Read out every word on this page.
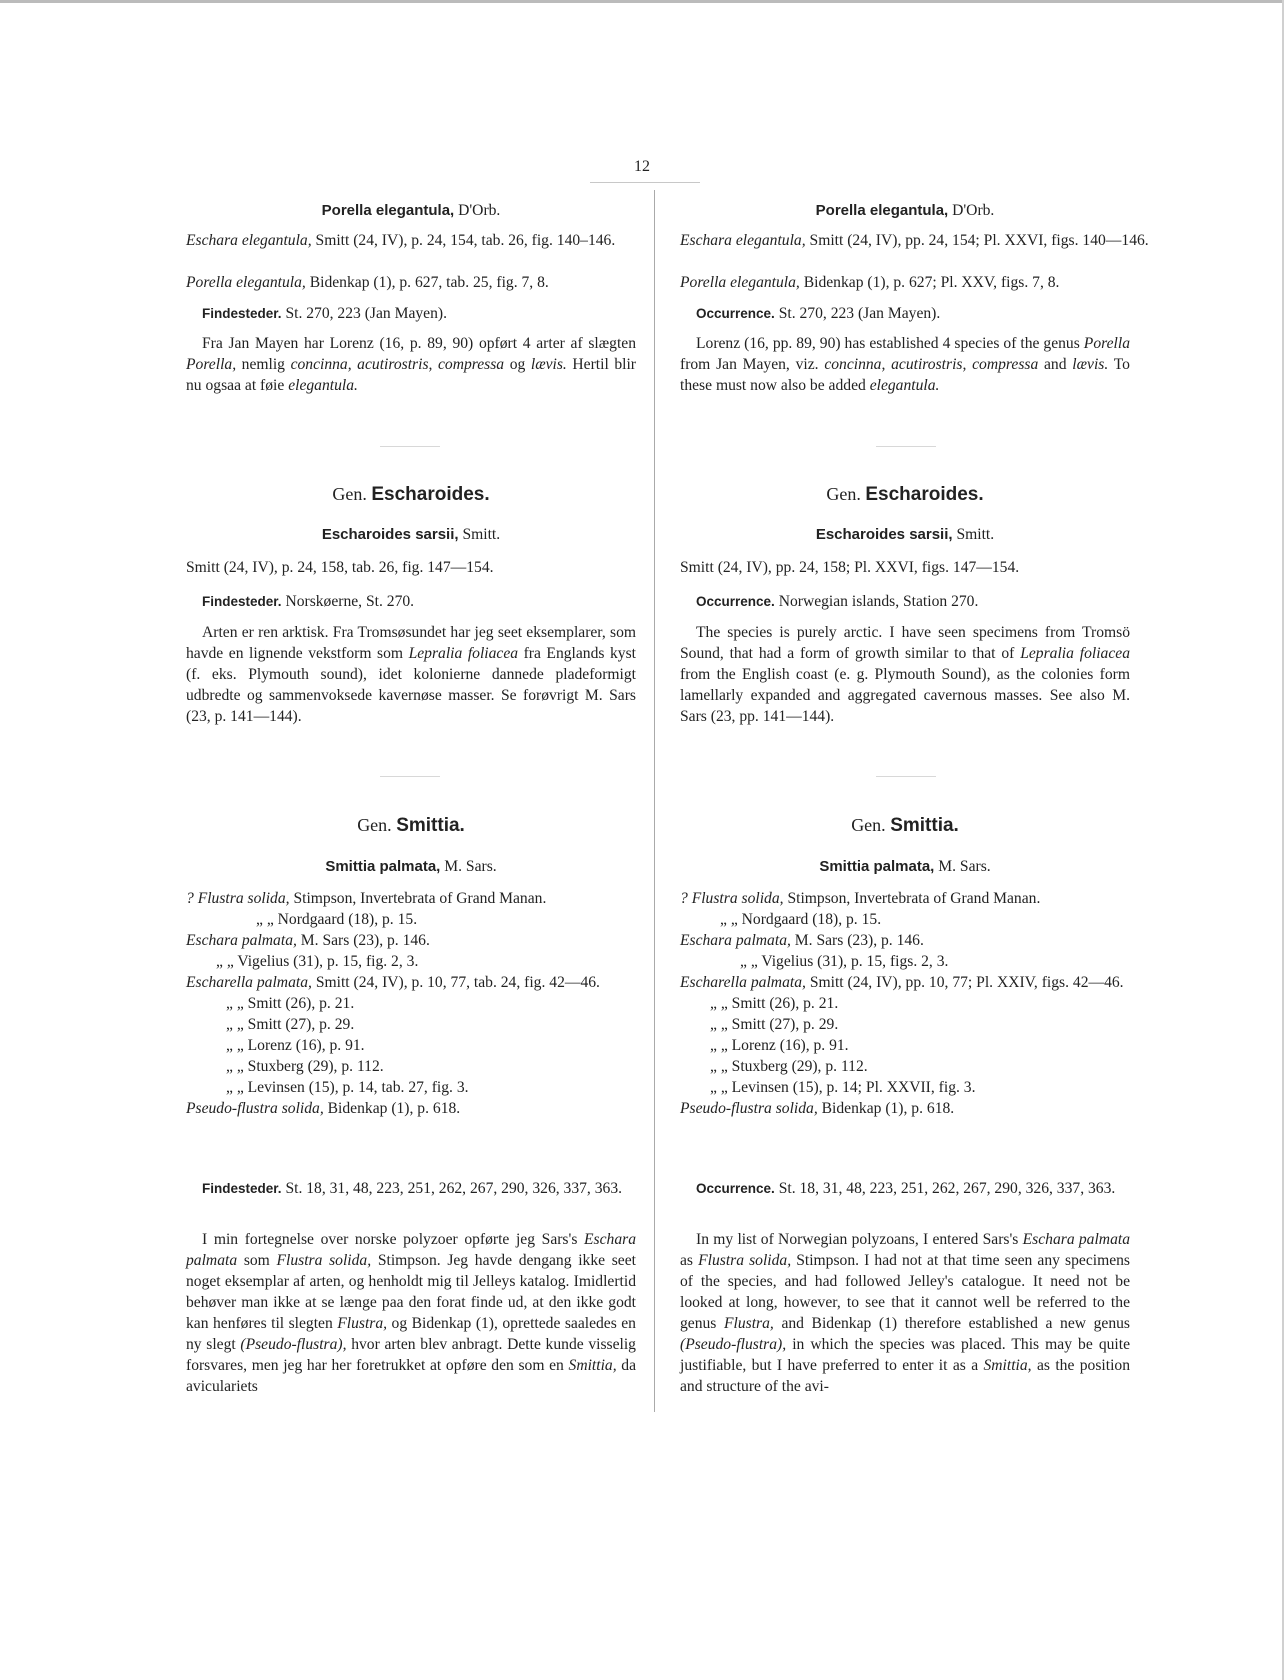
12
Porella elegantula, D'Orb.
Eschara elegantula, Smitt (24, IV), p. 24, 154, tab. 26, fig. 140–146.
Porella elegantula, Bidenkap (1), p. 627, tab. 25, fig. 7, 8.
Findesteder. St. 270, 223 (Jan Mayen).
Fra Jan Mayen har Lorenz (16, p. 89, 90) opført 4 arter af slægten Porella, nemlig concinna, acutirostris, compressa og lævis. Hertil blir nu ogsaa at føie elegantula.
Gen. Escharoides.
Escharoides sarsii, Smitt.
Smitt (24, IV), p. 24, 158, tab. 26, fig. 147—154.
Findesteder. Norskøerne, St. 270.
Arten er ren arktisk. Fra Tromsøsundet har jeg seet eksemplarer, som havde en lignende vekstform som Lepralia foliacea fra Englands kyst (f. eks. Plymouth sound), idet kolonierne dannede pladeformigt udbredte og sammenvoksede kavernøse masser. Se forøvrigt M. Sars (23, p. 141—144).
Gen. Smittia.
Smittia palmata, M. Sars.
? Flustra solida, Stimpson, Invertebrata of Grand Manan.
„ „ Nordgaard (18), p. 15.
Eschara palmata, M. Sars (23), p. 146.
„ „ Vigelius (31), p. 15, fig. 2, 3.
Escharella palmata, Smitt (24, IV), p. 10, 77, tab. 24, fig. 42—46.
„ „ Smitt (26), p. 21.
„ „ Smitt (27), p. 29.
„ „ Lorenz (16), p. 91.
„ „ Stuxberg (29), p. 112.
„ „ Levinsen (15), p. 14, tab. 27, fig. 3.
Pseudo-flustra solida, Bidenkap (1), p. 618.
Findesteder. St. 18, 31, 48, 223, 251, 262, 267, 290, 326, 337, 363.
I min fortegnelse over norske polyzoer opførte jeg Sars's Eschara palmata som Flustra solida, Stimpson. Jeg havde dengang ikke seet noget eksemplar af arten, og henholdt mig til Jelleys katalog. Imidlertid behøver man ikke at se længe paa den forat finde ud, at den ikke godt kan henføres til slegten Flustra, og Bidenkap (1), oprettede saaledes en ny slegt (Pseudo-flustra), hvor arten blev anbragt. Dette kunde visselig forsvares, men jeg har her foretrukket at opføre den som en Smittia, da aviculariets
Porella elegantula, D'Orb.
Eschara elegantula, Smitt (24, IV), pp. 24, 154; Pl. XXVI, figs. 140—146.
Porella elegantula, Bidenkap (1), p. 627; Pl. XXV, figs. 7, 8.
Occurrence. St. 270, 223 (Jan Mayen).
Lorenz (16, pp. 89, 90) has established 4 species of the genus Porella from Jan Mayen, viz. concinna, acutirostris, compressa and lævis. To these must now also be added elegantula.
Gen. Escharoides.
Escharoides sarsii, Smitt.
Smitt (24, IV), pp. 24, 158; Pl. XXVI, figs. 147—154.
Occurrence. Norwegian islands, Station 270.
The species is purely arctic. I have seen specimens from Tromsö Sound, that had a form of growth similar to that of Lepralia foliacea from the English coast (e. g. Plymouth Sound), as the colonies form lamellarly expanded and aggregated cavernous masses. See also M. Sars (23, pp. 141—144).
Gen. Smittia.
Smittia palmata, M. Sars.
? Flustra solida, Stimpson, Invertebrata of Grand Manan.
„ „ Nordgaard (18), p. 15.
Eschara palmata, M. Sars (23), p. 146.
„ „ Vigelius (31), p. 15, figs. 2, 3.
Escharella palmata, Smitt (24, IV), pp. 10, 77; Pl. XXIV, figs. 42—46.
„ „ Smitt (26), p. 21.
„ „ Smitt (27), p. 29.
„ „ Lorenz (16), p. 91.
„ „ Stuxberg (29), p. 112.
„ „ Levinsen (15), p. 14; Pl. XXVII, fig. 3.
Pseudo-flustra solida, Bidenkap (1), p. 618.
Occurrence. St. 18, 31, 48, 223, 251, 262, 267, 290, 326, 337, 363.
In my list of Norwegian polyzoans, I entered Sars's Eschara palmata as Flustra solida, Stimpson. I had not at that time seen any specimens of the species, and had followed Jelley's catalogue. It need not be looked at long, however, to see that it cannot well be referred to the genus Flustra, and Bidenkap (1) therefore established a new genus (Pseudo-flustra), in which the species was placed. This may be quite justifiable, but I have preferred to enter it as a Smittia, as the position and structure of the avi-
